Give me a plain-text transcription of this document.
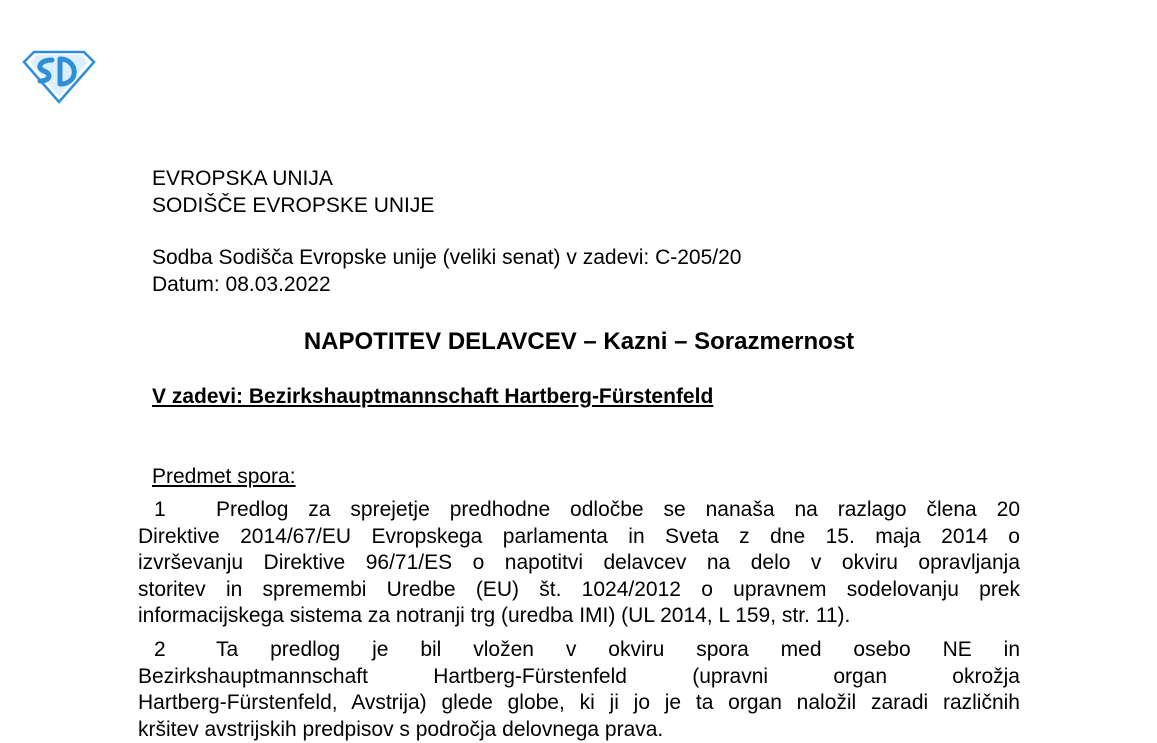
EVROPSKA UNIJA
SODIŠČE EVROPSKE UNIJE
Sodba Sodišča Evropske unije (veliki senat) v zadevi: C-205/20
Datum: 08.03.2022
NAPOTITEV DELAVCEV – Kazni – Sorazmernost
V zadevi: Bezirkshauptmannschaft Hartberg-Fürstenfeld
Predmet spora:
1	Predlog za sprejetje predhodne odločbe se nanaša na razlago člena 20
Direktive 2014/67/EU Evropskega parlamenta in Sveta z dne 15. maja 2014 o
izvrševanju Direktive 96/71/ES o napotitvi delavcev na delo v okviru opravljanja
storitev in spremembi Uredbe (EU) št. 1024/2012 o upravnem sodelovanju prek
informacijskega sistema za notranji trg (uredba IMI) (UL 2014, L 159, str. 11).
2	Ta predlog je bil vložen v okviru spora med osebo NE in
Bezirkshauptmannschaft Hartberg-Fürstenfeld (upravni organ okrožja
Hartberg-Fürstenfeld, Avstrija) glede globe, ki ji jo je ta organ naložil zaradi različnih
kršitev avstrijskih predpisov s področja delovnega prava.
